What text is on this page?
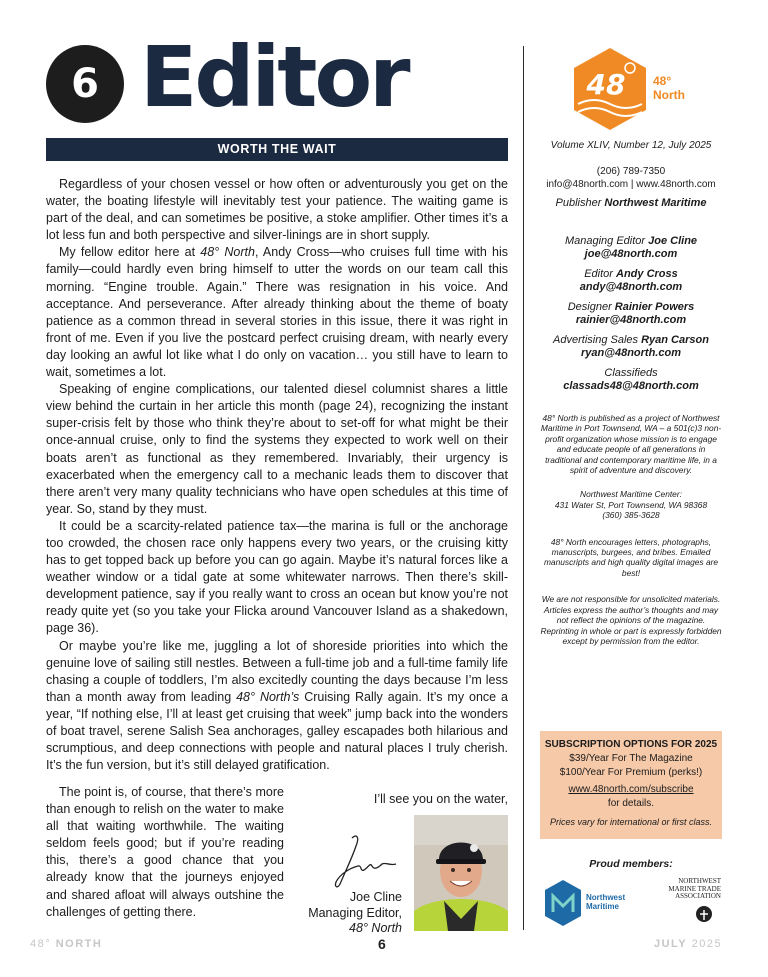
6 Editor
WORTH THE WAIT

Regardless of your chosen vessel or how often or adventurously you get on the water, the boating lifestyle will inevitably test your patience. The waiting game is part of the deal, and can sometimes be positive, a stoke amplifier. Other times it’s a lot less fun and both perspective and silver-linings are in short supply.

My fellow editor here at 48° North, Andy Cross—who cruises full time with his family—could hardly even bring himself to utter the words on our team call this morning. “Engine trouble. Again.” There was resignation in his voice. And acceptance. And perseverance. After already thinking about the theme of boaty patience as a common thread in several stories in this issue, there it was right in front of me. Even if you live the postcard perfect cruising dream, with nearly every day looking an awful lot like what I do only on vacation… you still have to learn to wait, sometimes a lot.

Speaking of engine complications, our talented diesel columnist shares a little view behind the curtain in her article this month (page 24), recognizing the instant super-crisis felt by those who think they’re about to set-off for what might be their once-annual cruise, only to find the systems they expected to work well on their boats aren’t as functional as they remembered. Invariably, their urgency is exacerbated when the emergency call to a mechanic leads them to discover that there aren’t very many quality technicians who have open schedules at this time of year. So, stand by they must.

It could be a scarcity-related patience tax—the marina is full or the anchorage too crowded, the chosen race only happens every two years, or the cruising kitty has to get topped back up before you can go again. Maybe it’s natural forces like a weather window or a tidal gate at some whitewater narrows. Then there’s skill-development patience, say if you really want to cross an ocean but know you’re not ready quite yet (so you take your Flicka around Vancouver Island as a shakedown, page 36).

Or maybe you’re like me, juggling a lot of shoreside priorities into which the genuine love of sailing still nestles. Between a full-time job and a full-time family life chasing a couple of toddlers, I’m also excitedly counting the days because I’m less than a month away from leading 48° North’s Cruising Rally again. It’s my once a year, “If nothing else, I’ll at least get cruising that week” jump back into the wonders of boat travel, serene Salish Sea anchorages, galley escapades both hilarious and scrumptious, and deep connections with people and natural places I truly cherish. It’s the fun version, but it’s still delayed gratification.

The point is, of course, that there’s more than enough to relish on the water to make all that waiting worthwhile. The waiting seldom feels good; but if you’re reading this, there’s a good chance that you already know that the journeys enjoyed and shared afloat will always outshine the challenges of getting there.

I’ll see you on the water,
Joe Cline
Managing Editor,
48° North
48 48°
North
Volume XLIV, Number 12, July 2025
(206) 789-7350
info@48north.com | www.48north.com
Publisher Northwest Maritime
Managing Editor Joe Cline
joe@48north.com
Editor Andy Cross
andy@48north.com
Designer Rainier Powers
rainier@48north.com
Advertising Sales Ryan Carson
ryan@48north.com
Classifieds
classads48@48north.com
48° North is published as a project of Northwest Maritime in Port Townsend, WA – a 501(c)3 non-profit organization whose mission is to engage and educate people of all generations in traditional and contemporary maritime life, in a spirit of adventure and discovery.
Northwest Maritime Center:
431 Water St, Port Townsend, WA 98368
(360) 385-3628
48° North encourages letters, photographs, manuscripts, burgees, and bribes. Emailed manuscripts and high quality digital images are best!
We are not responsible for unsolicited materials. Articles express the author’s thoughts and may not reflect the opinions of the magazine. Reprinting in whole or part is expressly forbidden except by permission from the editor.
SUBSCRIPTION OPTIONS FOR 2025
$39/Year For The Magazine
$100/Year For Premium (perks!)
www.48north.com/subscribe
for details.
Prices vary for international or first class.
Proud members:
Northwest
Maritime
NORTHWEST
MARINE TRADE
ASSOCIATION
48° NORTH	6	JULY 2025
